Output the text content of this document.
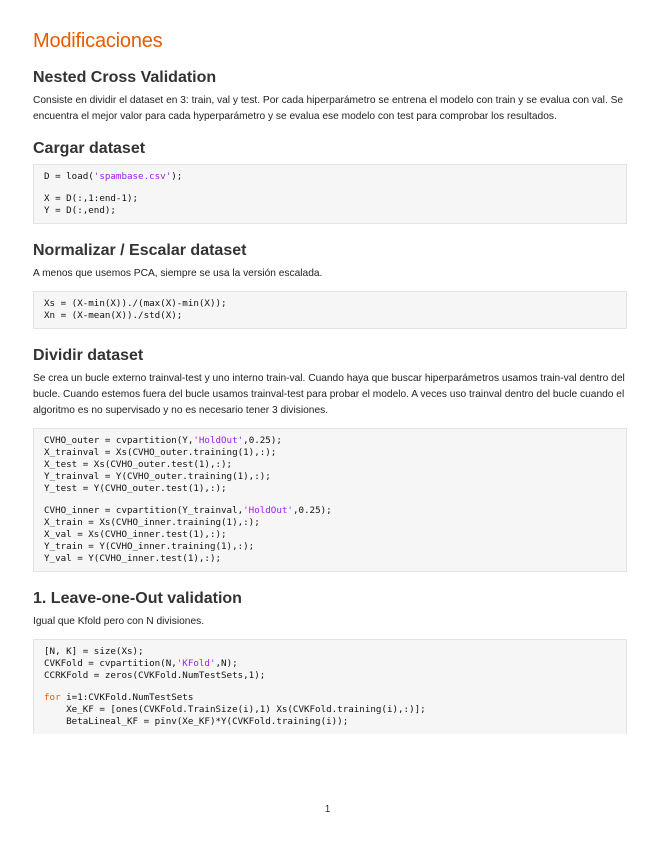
Modificaciones
Nested Cross Validation

Consiste en dividir el dataset en 3: train, val y test. Por cada hiperparámetro se entrena el modelo con train y se evalua con val. Se encuentra el mejor valor para cada hyperparámetro y se evalua ese modelo con test para comprobar los resultados.

Cargar dataset
D = load('spambase.csv');
X = D(:,1:end-1);
Y = D(:,end);
Normalizar / Escalar dataset

A menos que usemos PCA, siempre se usa la versión escalada.

Xs = (X-min(X))./(max(X)-min(X));
Xn = (X-mean(X))./std(X);
Dividir dataset

Se crea un bucle externo trainval-test y uno interno train-val. Cuando haya que buscar hiperparámetros usamos train-val dentro del bucle. Cuando estemos fuera del bucle usamos trainval-test para probar el modelo. A veces uso trainval dentro del bucle cuando el algoritmo es no supervisado y no es necesario tener 3 divisiones.

CVHO_outer = cvpartition(Y,'HoldOut',0.25);
X_trainval = Xs(CVHO_outer.training(1),:);
X_test = Xs(CVHO_outer.test(1),:);
Y_trainval = Y(CVHO_outer.training(1),:);
Y_test = Y(CVHO_outer.test(1),:);
CVHO_inner = cvpartition(Y_trainval,'HoldOut',0.25);
X_train = Xs(CVHO_inner.training(1),:);
X_val = Xs(CVHO_inner.test(1),:);
Y_train = Y(CVHO_inner.training(1),:);
Y_val = Y(CVHO_inner.test(1),:);
1. Leave-one-Out validation

Igual que Kfold pero con N divisiones.

[N, K] = size(Xs);
CVKFold = cvpartition(N,'KFold',N);
CCRKFold = zeros(CVKFold.NumTestSets,1);
for i=1:CVKFold.NumTestSets
Xe_KF = [ones(CVKFold.TrainSize(i),1) Xs(CVKFold.training(i),:)];
BetaLineal_KF = pinv(Xe_KF)*Y(CVKFold.training(i));
1
